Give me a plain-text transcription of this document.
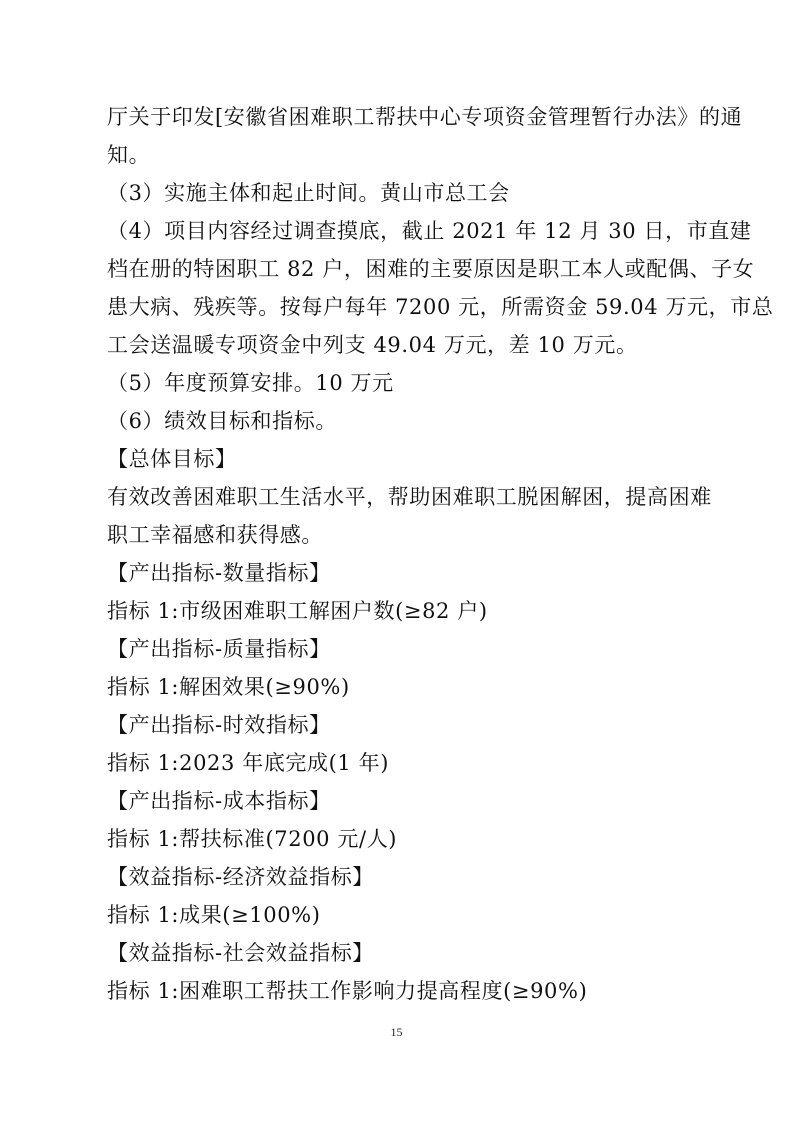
厅关于印发[安徽省困难职工帮扶中心专项资金管理暂行办法》的通
知。
（3）实施主体和起止时间。黄山市总工会
（4）项目内容经过调查摸底，截止 2021 年 12 月 30 日，市直建
档在册的特困职工 82 户，困难的主要原因是职工本人或配偶、子女
患大病、残疾等。按每户每年 7200 元，所需资金 59.04 万元，市总
工会送温暖专项资金中列支 49.04 万元，差 10 万元。
（5）年度预算安排。10 万元
（6）绩效目标和指标。
【总体目标】
有效改善困难职工生活水平，帮助困难职工脱困解困，提高困难
职工幸福感和获得感。
【产出指标-数量指标】
指标 1:市级困难职工解困户数(≥82 户)
【产出指标-质量指标】
指标 1:解困效果(≥90%)
【产出指标-时效指标】
指标 1:2023 年底完成(1 年)
【产出指标-成本指标】
指标 1:帮扶标准(7200 元/人)
【效益指标-经济效益指标】
指标 1:成果(≥100%)
【效益指标-社会效益指标】
指标 1:困难职工帮扶工作影响力提高程度(≥90%)
15
